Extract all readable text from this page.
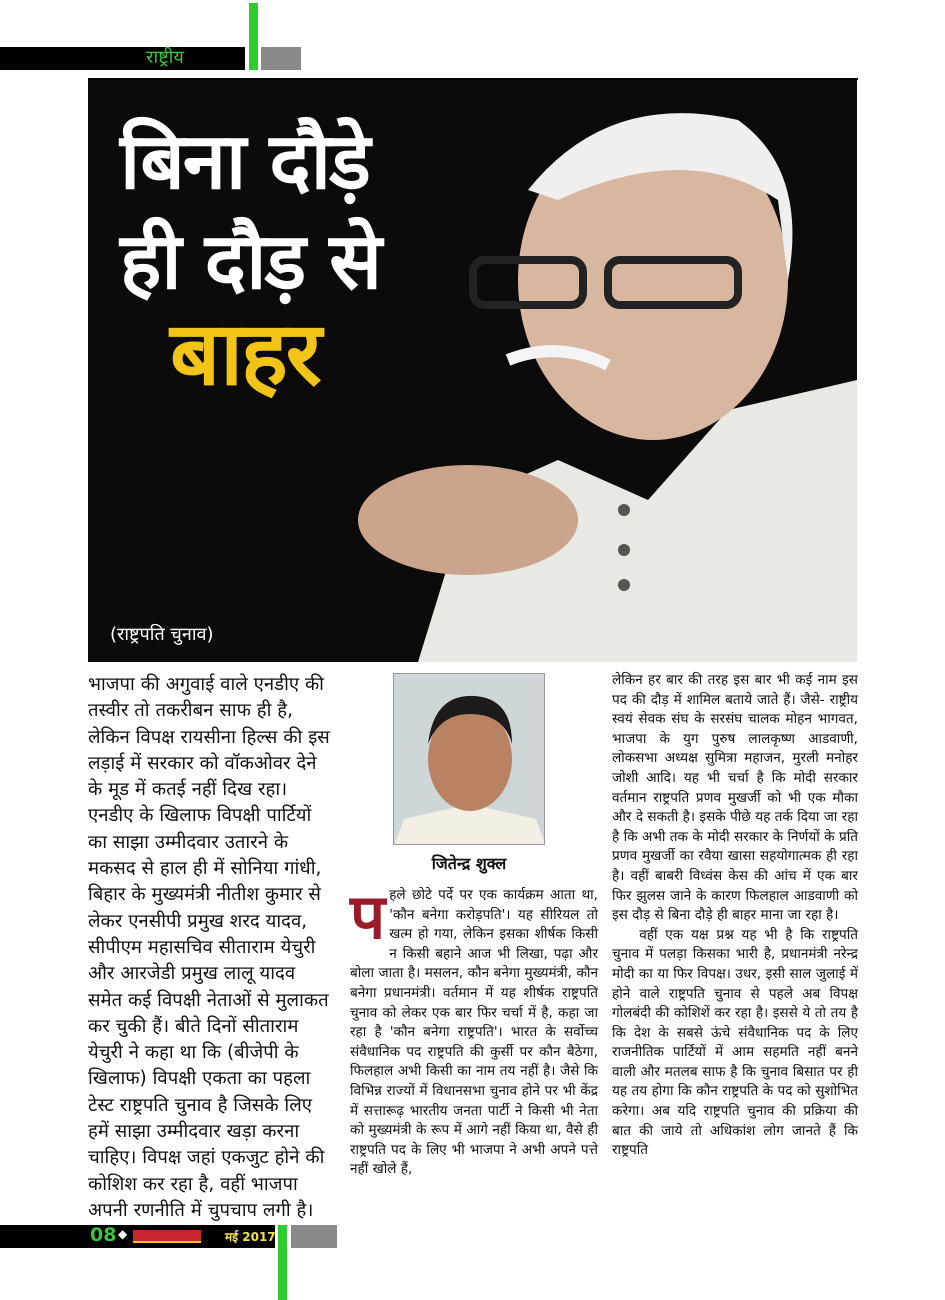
राष्ट्रीय
बिना दौड़े
ही दौड़ से
बाहर
(राष्ट्रपति चुनाव)
भाजपा की अगुवाई वाले एनडीए की तस्वीर तो तकरीबन साफ ही है, लेकिन विपक्ष रायसीना हिल्स की इस लड़ाई में सरकार को वॉकओवर देने के मूड में कतई नहीं दिख रहा। एनडीए के खिलाफ विपक्षी पार्टियों का साझा उम्मीदवार उतारने के मकसद से हाल ही में सोनिया गांधी, बिहार के मुख्यमंत्री नीतीश कुमार से लेकर एनसीपी प्रमुख शरद यादव, सीपीएम महासचिव सीताराम येचुरी और आरजेडी प्रमुख लालू यादव समेत कई विपक्षी नेताओं से मुलाकत कर चुकी हैं। बीते दिनों सीताराम येचुरी ने कहा था कि (बीजेपी के खिलाफ) विपक्षी एकता का पहला टेस्ट राष्ट्रपति चुनाव है जिसके लिए हमें साझा उम्मीदवार खड़ा करना चाहिए। विपक्ष जहां एकजुट होने की कोशिश कर रहा है, वहीं भाजपा अपनी रणनीति में चुपचाप लगी है।
जितेन्द्र शुक्ल
प हले छोटे पर्दे पर एक कार्यक्रम आता था, 'कौन बनेगा करोड़पति'। यह सीरियल तो खत्म हो गया, लेकिन इसका शीर्षक किसी न किसी बहाने आज भी लिखा, पढ़ा और बोला जाता है। मसलन, कौन बनेगा मुख्यमंत्री, कौन बनेगा प्रधानमंत्री। वर्तमान में यह शीर्षक राष्ट्रपति चुनाव को लेकर एक बार फिर चर्चा में है, कहा जा रहा है 'कौन बनेगा राष्ट्रपति'। भारत के सर्वोच्च संवैधानिक पद राष्ट्रपति की कुर्सी पर कौन बैठेगा, फिलहाल अभी किसी का नाम तय नहीं है। जैसे कि विभिन्न राज्यों में विधानसभा चुनाव होने पर भी केंद्र में सत्तारूढ़ भारतीय जनता पार्टी ने किसी भी नेता को मुख्यमंत्री के रूप में आगे नहीं किया था, वैसे ही राष्ट्रपति पद के लिए भी भाजपा ने अभी अपने पत्ते नहीं खोले हैं,

लेकिन हर बार की तरह इस बार भी कई नाम इस पद की दौड़ में शामिल बताये जाते हैं। जैसे- राष्ट्रीय स्वयं सेवक संघ के सरसंघ चालक मोहन भागवत, भाजपा के युग पुरुष लालकृष्ण आडवाणी, लोकसभा अध्यक्ष सुमित्रा महाजन, मुरली मनोहर जोशी आदि। यह भी चर्चा है कि मोदी सरकार वर्तमान राष्ट्रपति प्रणव मुखर्जी को भी एक मौका और दे सकती है। इसके पीछे यह तर्क दिया जा रहा है कि अभी तक के मोदी सरकार के निर्णयों के प्रति प्रणव मुखर्जी का रवैया खासा सहयोगात्मक ही रहा है। वहीं बाबरी विध्वंस केस की आंच में एक बार फिर झुलस जाने के कारण फिलहाल आडवाणी को इस दौड़ से बिना दौड़े ही बाहर माना जा रहा है।

वहीं एक यक्ष प्रश्न यह भी है कि राष्ट्रपति चुनाव में पलड़ा किसका भारी है, प्रधानमंत्री नरेन्द्र मोदी का या फिर विपक्ष। उधर, इसी साल जुलाई में होने वाले राष्ट्रपति चुनाव से पहले अब विपक्ष गोलबंदी की कोशिशें कर रहा है। इससे ये तो तय है कि देश के सबसे ऊंचे संवैधानिक पद के लिए राजनीतिक पार्टियों में आम सहमति नहीं बनने वाली और मतलब साफ है कि चुनाव बिसात पर ही यह तय होगा कि कौन राष्ट्रपति के पद को सुशोभित करेगा। अब यदि राष्ट्रपति चुनाव की प्रक्रिया की बात की जाये तो अधिकांश लोग जानते हैं कि राष्ट्रपति

08 ◆	मई 2017
